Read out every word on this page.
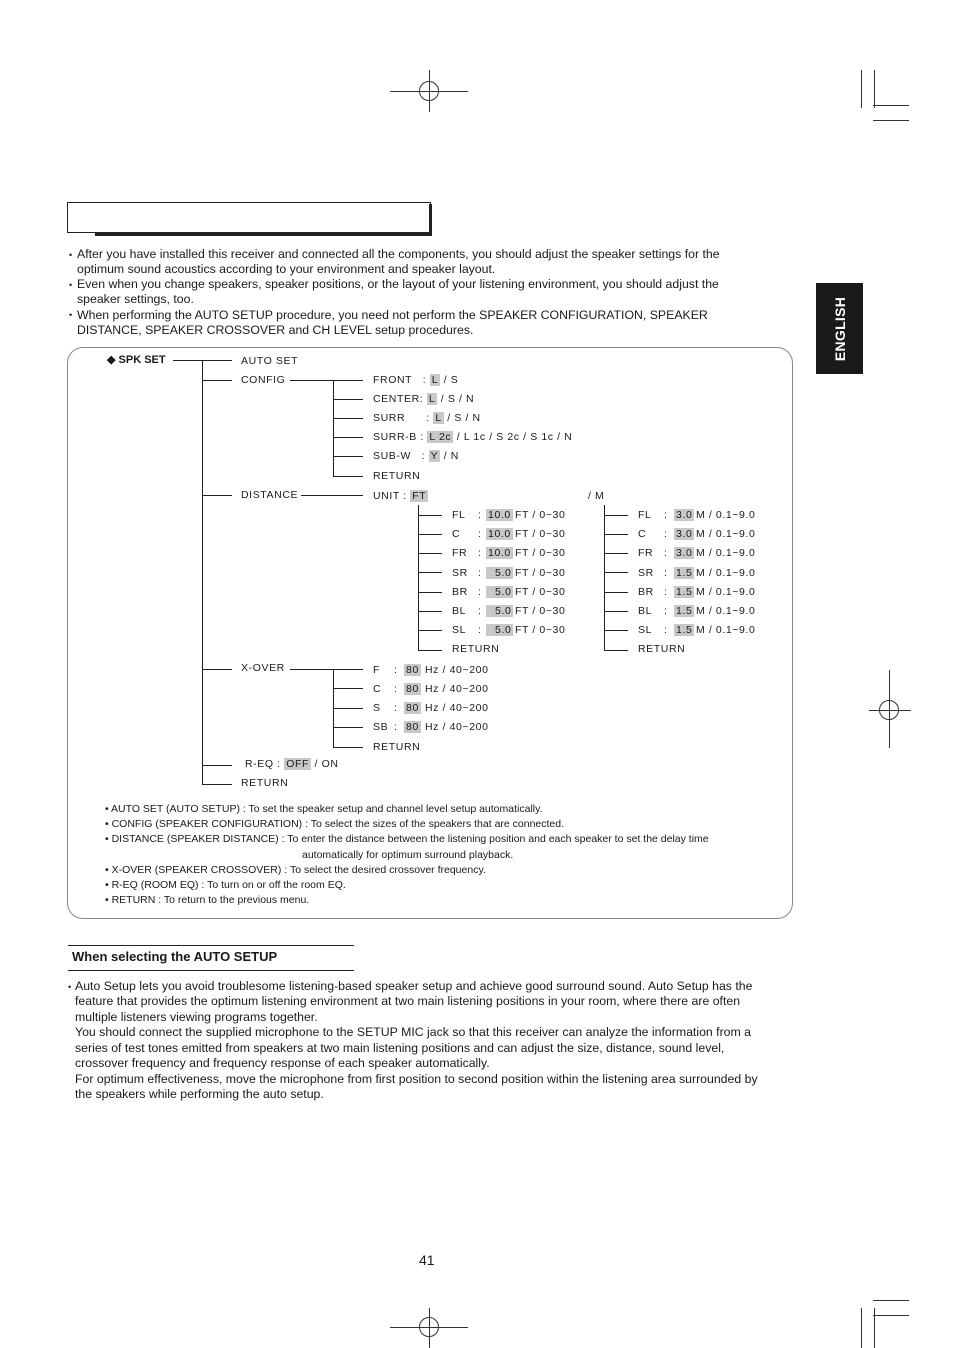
ENGLISH
• After you have installed this receiver and connected all the components, you should adjust the speaker settings for the
optimum sound acoustics according to your environment and speaker layout.
• Even when you change speakers, speaker positions, or the layout of your listening environment, you should adjust the
speaker settings, too.
• When performing the AUTO SETUP procedure, you need not perform the SPEAKER CONFIGURATION, SPEAKER
DISTANCE, SPEAKER CROSSOVER and CH LEVEL setup procedures.
◆ SPK SET	AUTO SET
CONFIG	FRONT : L / S
CENTER: L / S / N
SURR : L / S / N
SURR-B : L 2c / L 1c / S 2c / S 1c / N
SUB-W : Y / N
RETURN
DISTANCE	UNIT : FT	/ M
FL : 10.0 FT / 0~30
C : 10.0 FT / 0~30
FR : 10.0 FT / 0~30
SR :	5.0 FT / 0~30
BR :	5.0 FT / 0~30
BL :	5.0 FT / 0~30
SL :	5.0 FT / 0~30
RETURN
FL : 3.0 M / 0.1~9.0
C : 3.0 M / 0.1~9.0
FR : 3.0 M / 0.1~9.0
SR : 1.5 M / 0.1~9.0
BR : 1.5 M / 0.1~9.0
BL : 1.5 M / 0.1~9.0
SL : 1.5 M / 0.1~9.0
RETURN
X-OVER	F : 80 Hz / 40~200
C : 80 Hz / 40~200
S : 80 Hz / 40~200
SB : 80 Hz / 40~200
RETURN
R-EQ : OFF / ON
RETURN
• AUTO SET (AUTO SETUP) : To set the speaker setup and channel level setup automatically.
• CONFIG (SPEAKER CONFIGURATION) : To select the sizes of the speakers that are connected.
• DISTANCE (SPEAKER DISTANCE) : To enter the distance between the listening position and each speaker to set the delay time
automatically for optimum surround playback.
• X-OVER (SPEAKER CROSSOVER) : To select the desired crossover frequency.
• R-EQ (ROOM EQ) : To turn on or off the room EQ.
• RETURN : To return to the previous menu.
When selecting the AUTO SETUP
• Auto Setup lets you avoid troublesome listening-based speaker setup and achieve good surround sound. Auto Setup has the
feature that provides the optimum listening environment at two main listening positions in your room, where there are often
multiple listeners viewing programs together.
You should connect the supplied microphone to the SETUP MIC jack so that this receiver can analyze the information from a
series of test tones emitted from speakers at two main listening positions and can adjust the size, distance, sound level,
crossover frequency and frequency response of each speaker automatically.
For optimum effectiveness, move the microphone from first position to second position within the listening area surrounded by
the speakers while performing the auto setup.
41
